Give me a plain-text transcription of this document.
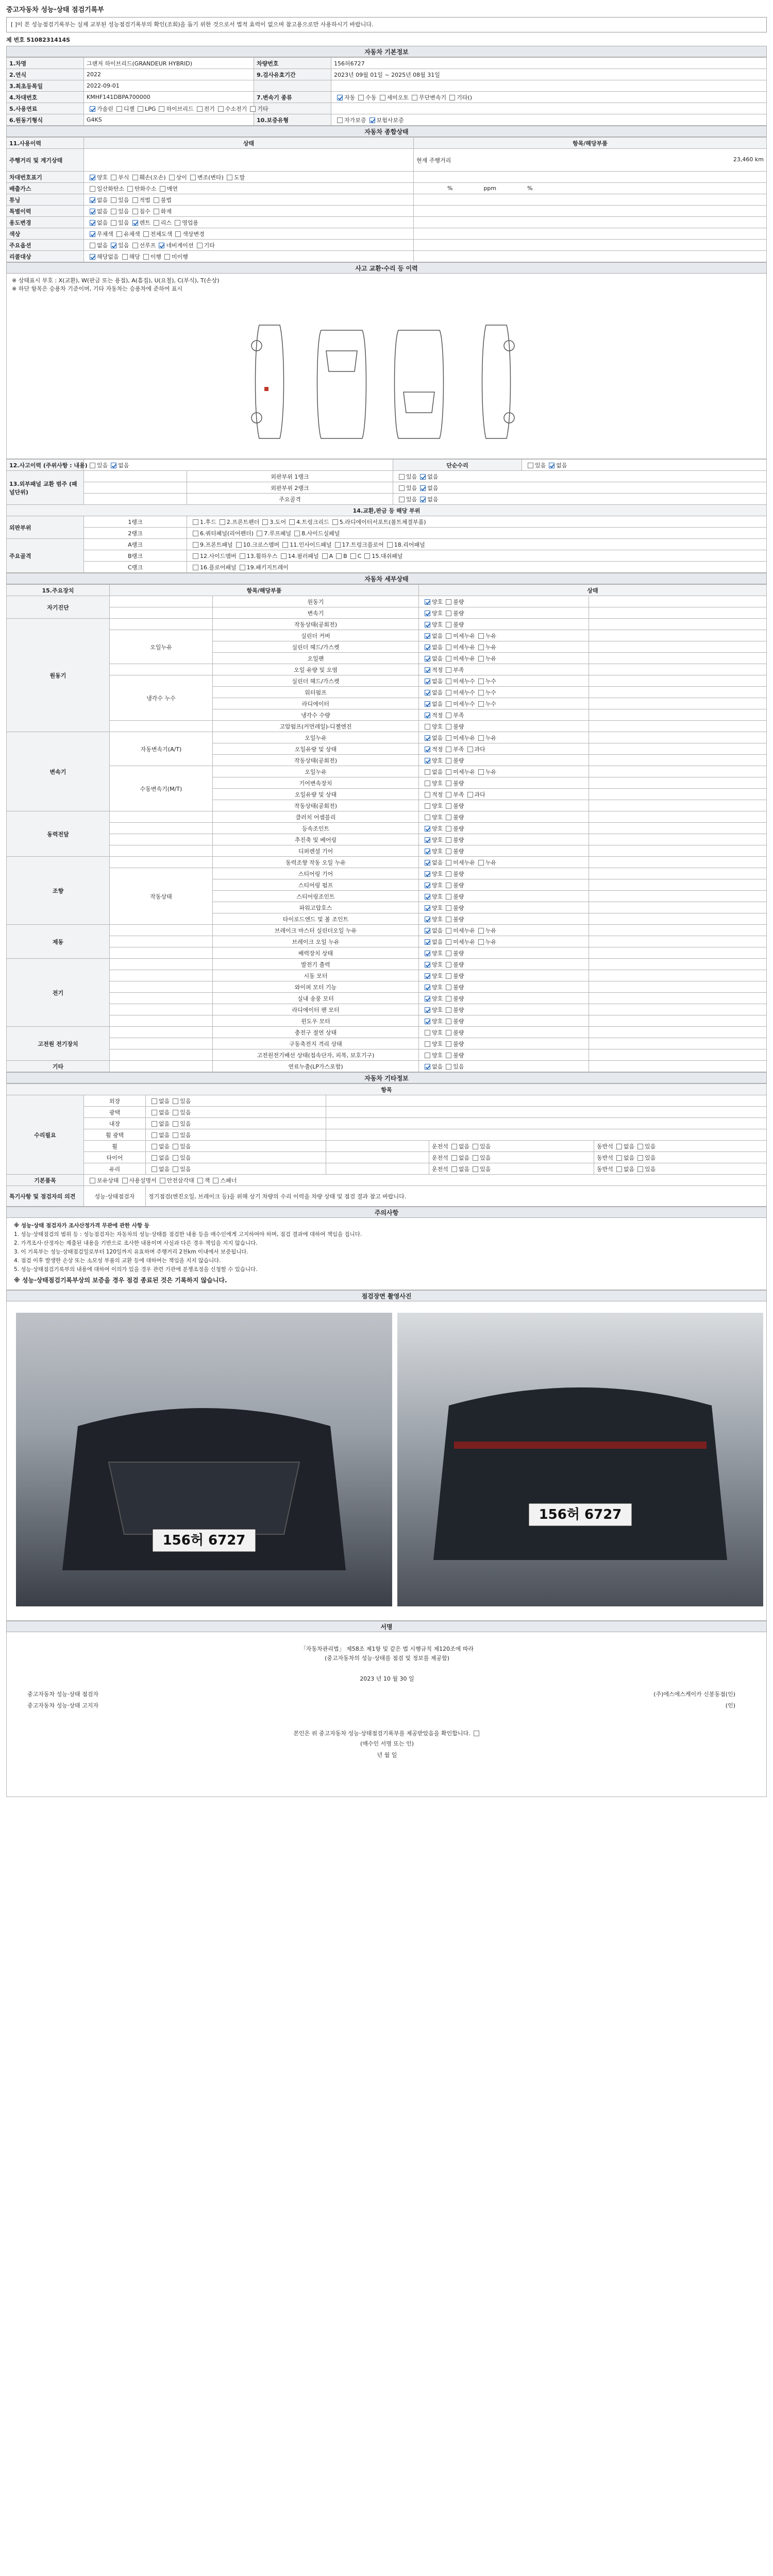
중고자동차 성능·상태 점검기록부
[ ]이 본 성능점검기록부는 실제 교부된 성능점검기록부의 확인(조회)을 돕기 위한 것으로서 법적 효력이 없으며 참고용으로만 사용하시기 바랍니다.
제 번호 5108231414S
자동차 기본정보
1.차명	그랜저 하이브리드(GRANDEUR HYBRID)	차량번호	156허6727
2.연식	2022	9.검사유효기간	2023년 09월 01일 ~ 2025년 08월 31일
3.최초등록일	2022-09-01		
4.차대번호	KMHF141DBPA700000	7.변속기 종류	자동 수동 세미오토 무단변속기 기타()
5.사용연료	가솔린 디젤 LPG 하이브리드 전기 수소전기 기타		
6.원동기형식	G4KS	10.보증유형	자가보증 보험사보증
자동차 종합상태
11.사용이력	상태	항목/해당부품
주행거리 및 계기상태		현재 주행거리 23,460 km

차대번호표기	양호 부식 훼손(오손) 상이 변조(변타) 도말	
배출가스	일산화탄소 탄화수소 매연	% ppm %
튜닝	없음 있음 적법 불법	
특별이력	없음 있음 침수 화재	
용도변경	없음 있음 렌트 리스 영업용	
색상	무채색 유채색 전체도색 색상변경	
주요옵션	없음 있음 선루프 네비게이션 기타	
리콜대상	해당없음 해당 이행 미이행	
사고 교환·수리 등 이력
※ 상태표시 부호 : X(교환), W(판금 또는 용접), A(흠집), U(요철), C(부식), T(손상)
※ 하단 항목은 승용차 기준이며, 기타 자동차는 승용차에 준하여 표시
12.사고이력 (주위사항 : 내용)	있음 없음		단순수리	있음 없음
13.외부패널 교환 범주 (패널단위)		외판부위 1랭크	있음 없음	
		외판부위 2랭크	있음 없음	
		주요골격	있음 없음	
14.교환,판금 등 해당 부위				
외판부위	1랭크	1.후드 2.프론트펜더 3.도어 4.트렁크리드 5.라디에이터서포트(볼트체결부품)		
	2랭크	6.쿼터패널(리어펜더) 7.루프패널 8.사이드실패널		
주요골격	A랭크	9.프론트패널 10.크로스멤버 11.인사이드패널 17.트렁크플로어 18.리어패널		
	B랭크	12.사이드멤버 13.휠하우스 14.필러패널 A B C 15.대쉬패널		
	C랭크	16.플로어패널 19.패키지트레이		
자동차 세부상태
15.주요장치	항목/해당부품		상태	
자기진단		원동기	양호 불량	
		변속기	양호 불량	
원동기		작동상태(공회전)	양호 불량	
	오일누유	실린더 커버	없음 미세누유 누유	
		실린더 헤드/가스켓	없음 미세누유 누유	
		오일팬	없음 미세누유 누유	
		오일 유량 및 오염	적정 부족	
	냉각수 누수	실린더 헤드/가스켓	없음 미세누수 누수	
		워터펌프	없음 미세누수 누수	
		라디에이터	없음 미세누수 누수	
		냉각수 수량	적정 부족	
		고압펌프(커먼레일)-디젤엔진	양호 불량	
변속기	자동변속기(A/T)	오일누유	없음 미세누유 누유	
		오일유량 및 상태	적정 부족 과다	
		작동상태(공회전)	양호 불량	
	수동변속기(M/T)	오일누유	없음 미세누유 누유	
		기어변속장치	양호 불량	
		오일유량 및 상태	적정 부족 과다	
		작동상태(공회전)	양호 불량	
동력전달		클러치 어셈블리	양호 불량	
		등속조인트	양호 불량	
		추진축 및 베어링	양호 불량	
		디퍼렌셜 기어	양호 불량	
조향		동력조향 작동 오일 누유	없음 미세누유 누유	
	작동상태	스티어링 기어	양호 불량	
		스티어링 펌프	양호 불량	
		스티어링조인트	양호 불량	
		파워고압호스	양호 불량	
		타이로드엔드 및 볼 조인트	양호 불량	
제동		브레이크 마스터 실린더오일 누유	없음 미세누유 누유	
		브레이크 오일 누유	없음 미세누유 누유	
		배력장치 상태	양호 불량	
전기		발전기 출력	양호 불량	
		시동 모터	양호 불량	
		와이퍼 모터 기능	양호 불량	
		실내 송풍 모터	양호 불량	
		라디에이터 팬 모터	양호 불량	
		윈도우 모터	양호 불량	
고전원 전기장치		충전구 절연 상태	양호 불량	
		구동축전지 격리 상태	양호 불량	
		고전원전기배선 상태(접속단자, 피복, 보호기구)	양호 불량	
기타		연료누출(LP가스포함)	없음 있음	
자동차 기타정보
항목					
수리필요	외장	없음 있음			
	광택	없음 있음			
	내장	없음 있음			
	휠 광택	없음 있음			
	휠	없음 있음		운전석 없음 있음	동반석 없음 있음
	타이어	없음 있음		운전석 없음 있음	동반석 없음 있음
	유리	없음 있음		운전석 없음 있음	동반석 없음 있음
기본품목	보유상태 사용설명서 안전삼각대 잭 스패너				
특기사항 및 점검자의 의견	성능·상태점검자	정기점검(엔진오일, 브레이크 등)을 위해 상기 차량의 수리 이력을 차량 상태 및 점검 결과 참고 바랍니다.			
주의사항

※ 성능·상태 점검자가 조사산정가격 무관에 관한 사항 등

1. 성능·상태점검의 범위 등 : 성능점검자는 자동차의 성능·상태를 점검한 내용 등을 매수인에게 고지하여야 하며, 점검 결과에 대하여 책임을 집니다.

2. 가격조사·산정자는 제출된 내용을 기반으로 조사한 내용이며 사실과 다른 경우 책임을 지지 않습니다.

3. 이 기록부는 성능·상태점검일로부터 120일까지 유효하며 주행거리 2천km 이내에서 보증됩니다.

4. 점검 이후 발생한 손상 또는 소모성 부품의 교환 등에 대하여는 책임을 지지 않습니다.

5. 성능·상태점검기록부의 내용에 대하여 이의가 있을 경우 관련 기관에 분쟁조정을 신청할 수 있습니다.

※ 성능·상태점검기록부상의 보증을 경우 점검 종료된 것은 기록하지 않습니다.

점검장면 촬영사진
156허 6727
156허 6727
서명
「자동차관리법」 제58조 제1항 및 같은 법 시행규칙 제120조에 따라
(중고자동차의 성능·상태를 점검 및 정보를 제공함)
2023 년 10 월 30 일
중고자동차 성능·상태 점검자	(주)에스에스케이카 신봉동점(인)
중고자동차 성능·상태 고지자	(인)
본인은 위 중고자동차 성능·상태점검기록부를 제공받았음을 확인합니다.
(매수인 서명 또는 인)
년 월 일
